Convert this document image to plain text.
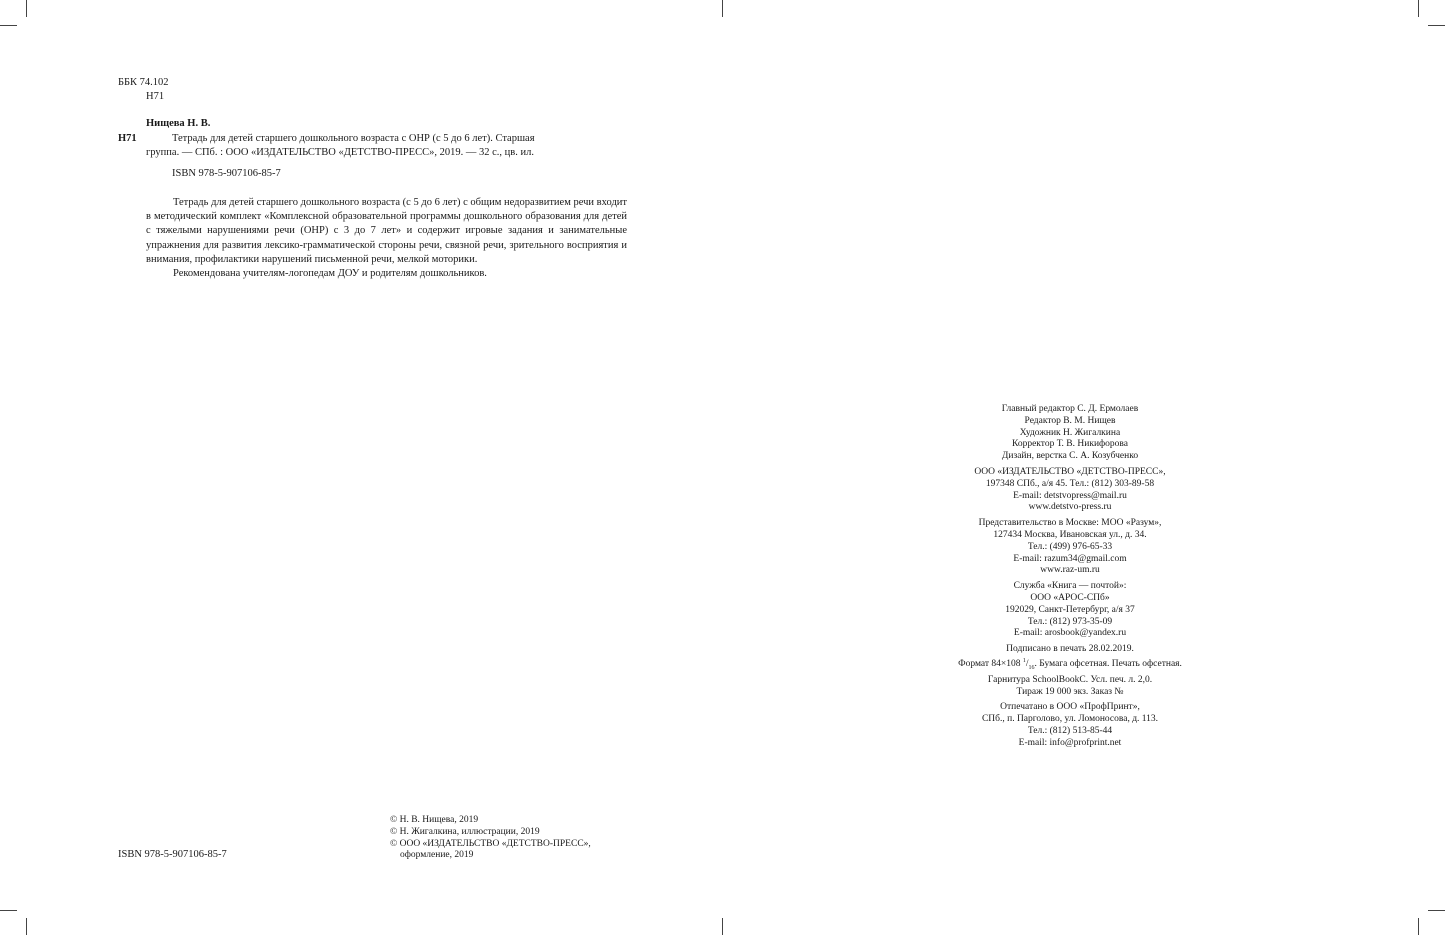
ББК 74.102
Н71
Нищева Н. В.
Н71	Тетрадь для детей старшего дошкольного возраста с ОНР (с 5 до 6 лет). Старшая
группа. — СПб. : ООО «ИЗДАТЕЛЬСТВО «ДЕТСТВО-ПРЕСС», 2019. — 32 с., цв. ил.
ISBN 978-5-907106-85-7

Тетрадь для детей старшего дошкольного возраста (с 5 до 6 лет) с общим недоразвитием речи входит в методический комплект «Комплексной образовательной программы дошкольного образования для детей с тяжелыми нарушениями речи (ОНР) с 3 до 7 лет» и содержит игровые задания и занимательные упражнения для развития лексико-грамматической стороны речи, связной речи, зрительного восприятия и внимания, профилактики нарушений письменной речи, мелкой моторики.

Рекомендована учителям-логопедам ДОУ и родителям дошкольников.

ISBN 978-5-907106-85-7
© Н. В. Нищева, 2019
© Н. Жигалкина, иллюстрации, 2019
© ООО «ИЗДАТЕЛЬСТВО «ДЕТСТВО-ПРЕСС»,
оформление, 2019
Главный редактор С. Д. Ермолаев
Редактор В. М. Нищев
Художник Н. Жигалкина
Корректор Т. В. Никифорова
Дизайн, верстка С. А. Козубченко
ООО «ИЗДАТЕЛЬСТВО «ДЕТСТВО-ПРЕСС»,
197348 СПб., а/я 45. Тел.: (812) 303-89-58
E-mail: detstvopress@mail.ru
www.detstvo-press.ru
Представительство в Москве: МОО «Разум»,
127434 Москва, Ивановская ул., д. 34.
Тел.: (499) 976-65-33
E-mail: razum34@gmail.com
www.raz-um.ru
Служба «Книга — почтой»:
ООО «АРОС-СПб»
192029, Санкт-Петербург, а/я 37
Тел.: (812) 973-35-09
E-mail: arosbook@yandex.ru
Подписано в печать 28.02.2019.
Формат 84×108 $^1/_{16}$. Бумага офсетная. Печать офсетная.
Гарнитура SchoolBookC. Усл. печ. л. 2,0.
Тираж 19 000 экз. Заказ №
Отпечатано в ООО «ПрофПринт»,
СПб., п. Парголово, ул. Ломоносова, д. 113.
Тел.: (812) 513-85-44
E-mail: info@profprint.net
